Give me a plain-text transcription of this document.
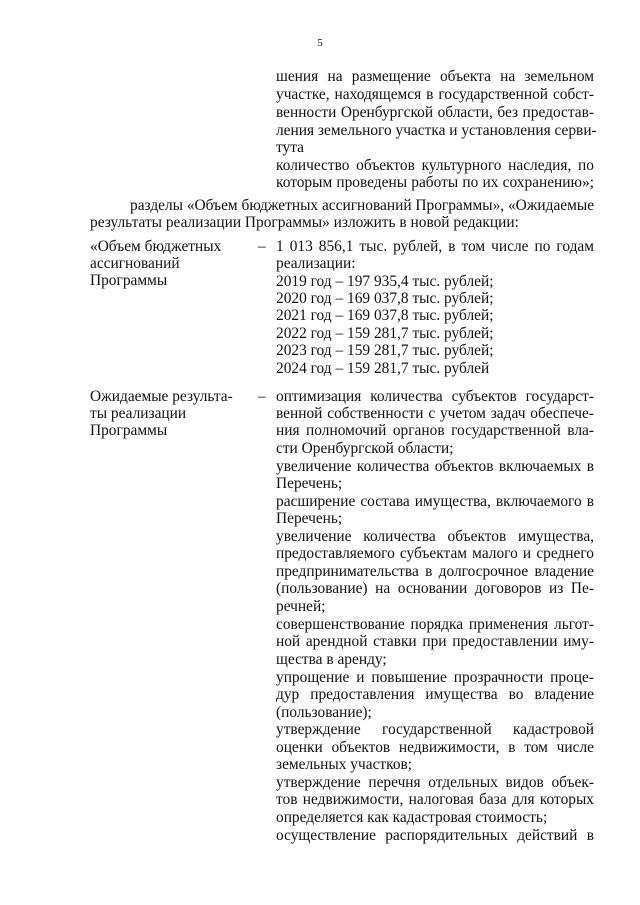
5
шения на размещение объекта на земельном
участке, находящемся в государственной собст-
венности Оренбургской области, без предостав-
ления земельного участка и установления серви-
тута
количество объектов культурного наследия, по
которым проведены работы по их сохранению»;
разделы «Объем бюджетных ассигнований Программы», «Ожидаемые
результаты реализации Программы» изложить в новой редакции:
«Объем бюджетных
ассигнований
Программы
– 1 013 856,1 тыс. рублей, в том числе по годам
реализации:
2019 год – 197 935,4 тыс. рублей;
2020 год – 169 037,8 тыс. рублей;
2021 год – 169 037,8 тыс. рублей;
2022 год – 159 281,7 тыс. рублей;
2023 год – 159 281,7 тыс. рублей;
2024 год – 159 281,7 тыс. рублей
Ожидаемые результа-
ты реализации
Программы
– оптимизация количества субъектов государст-
венной собственности с учетом задач обеспече-
ния полномочий органов государственной вла-
сти Оренбургской области;
увеличение количества объектов включаемых в
Перечень;
расширение состава имущества, включаемого в
Перечень;
увеличение количества объектов имущества,
предоставляемого субъектам малого и среднего
предпринимательства в долгосрочное владение
(пользование) на основании договоров из Пе-
речней;
совершенствование порядка применения льгот-
ной арендной ставки при предоставлении иму-
щества в аренду;
упрощение и повышение прозрачности проце-
дур предоставления имущества во владение
(пользование);
утверждение государственной кадастровой
оценки объектов недвижимости, в том числе
земельных участков;
утверждение перечня отдельных видов объек-
тов недвижимости, налоговая база для которых
определяется как кадастровая стоимость;
осуществление распорядительных действий в
